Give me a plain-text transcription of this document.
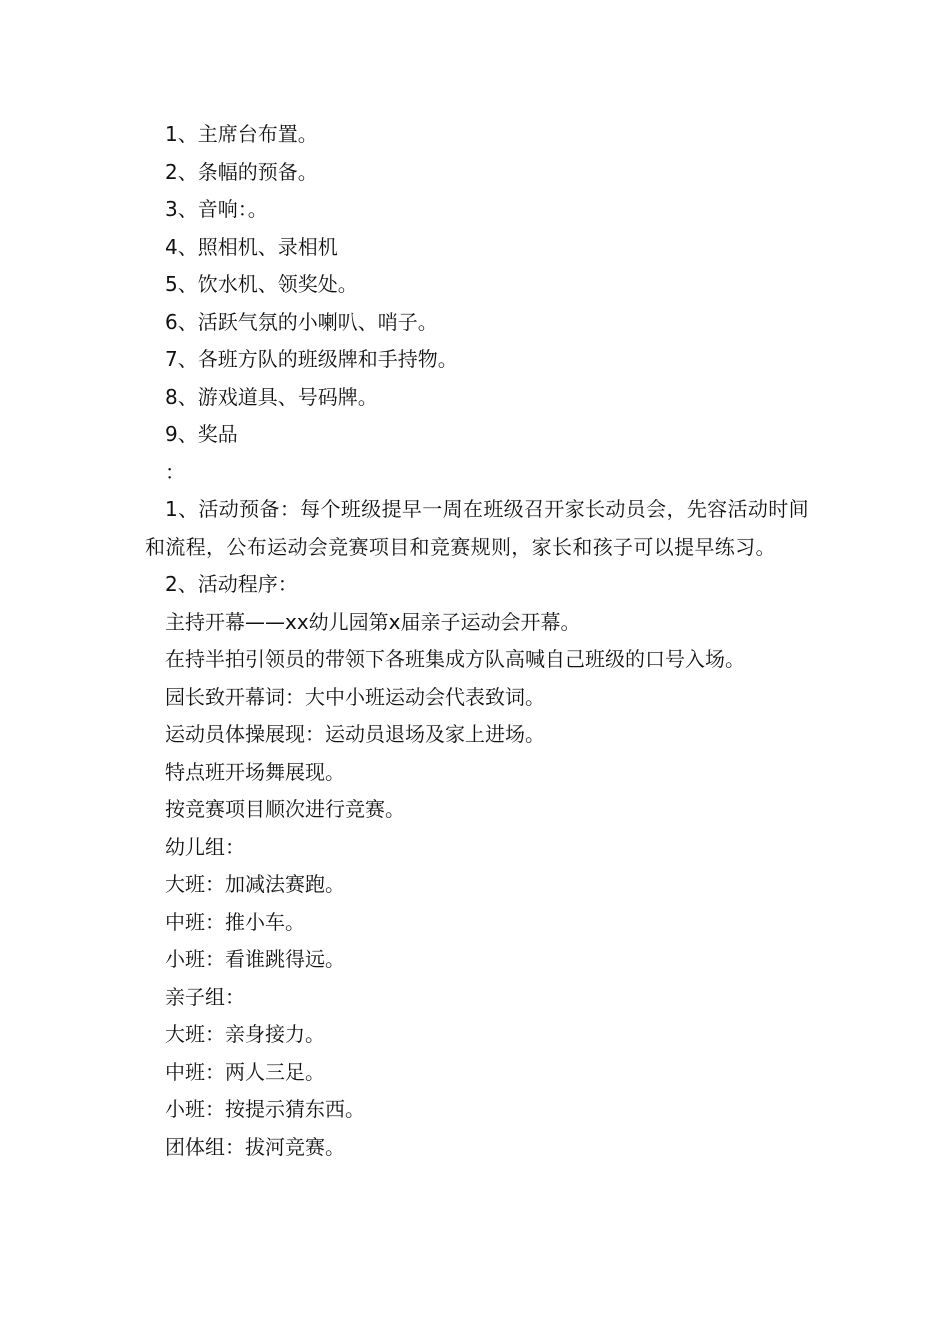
1、主席台布置。

2、条幅的预备。

3、音响：。

4、照相机、录相机

5、饮水机、领奖处。

6、活跃气氛的小喇叭、哨子。

7、各班方队的班级牌和手持物。

8、游戏道具、号码牌。

9、奖品

：

1、活动预备：每个班级提早一周在班级召开家长动员会，先容活动时间和流程，公布运动会竞赛项目和竞赛规则，家长和孩子可以提早练习。

2、活动程序：

主持开幕——xx幼儿园第x届亲子运动会开幕。

在持半拍引领员的带领下各班集成方队高喊自己班级的口号入场。

园长致开幕词：大中小班运动会代表致词。

运动员体操展现：运动员退场及家上进场。

特点班开场舞展现。

按竞赛项目顺次进行竞赛。

幼儿组：

大班：加减法赛跑。

中班：推小车。

小班：看谁跳得远。

亲子组：

大班：亲身接力。

中班：两人三足。

小班：按提示猜东西。

团体组：拔河竞赛。
